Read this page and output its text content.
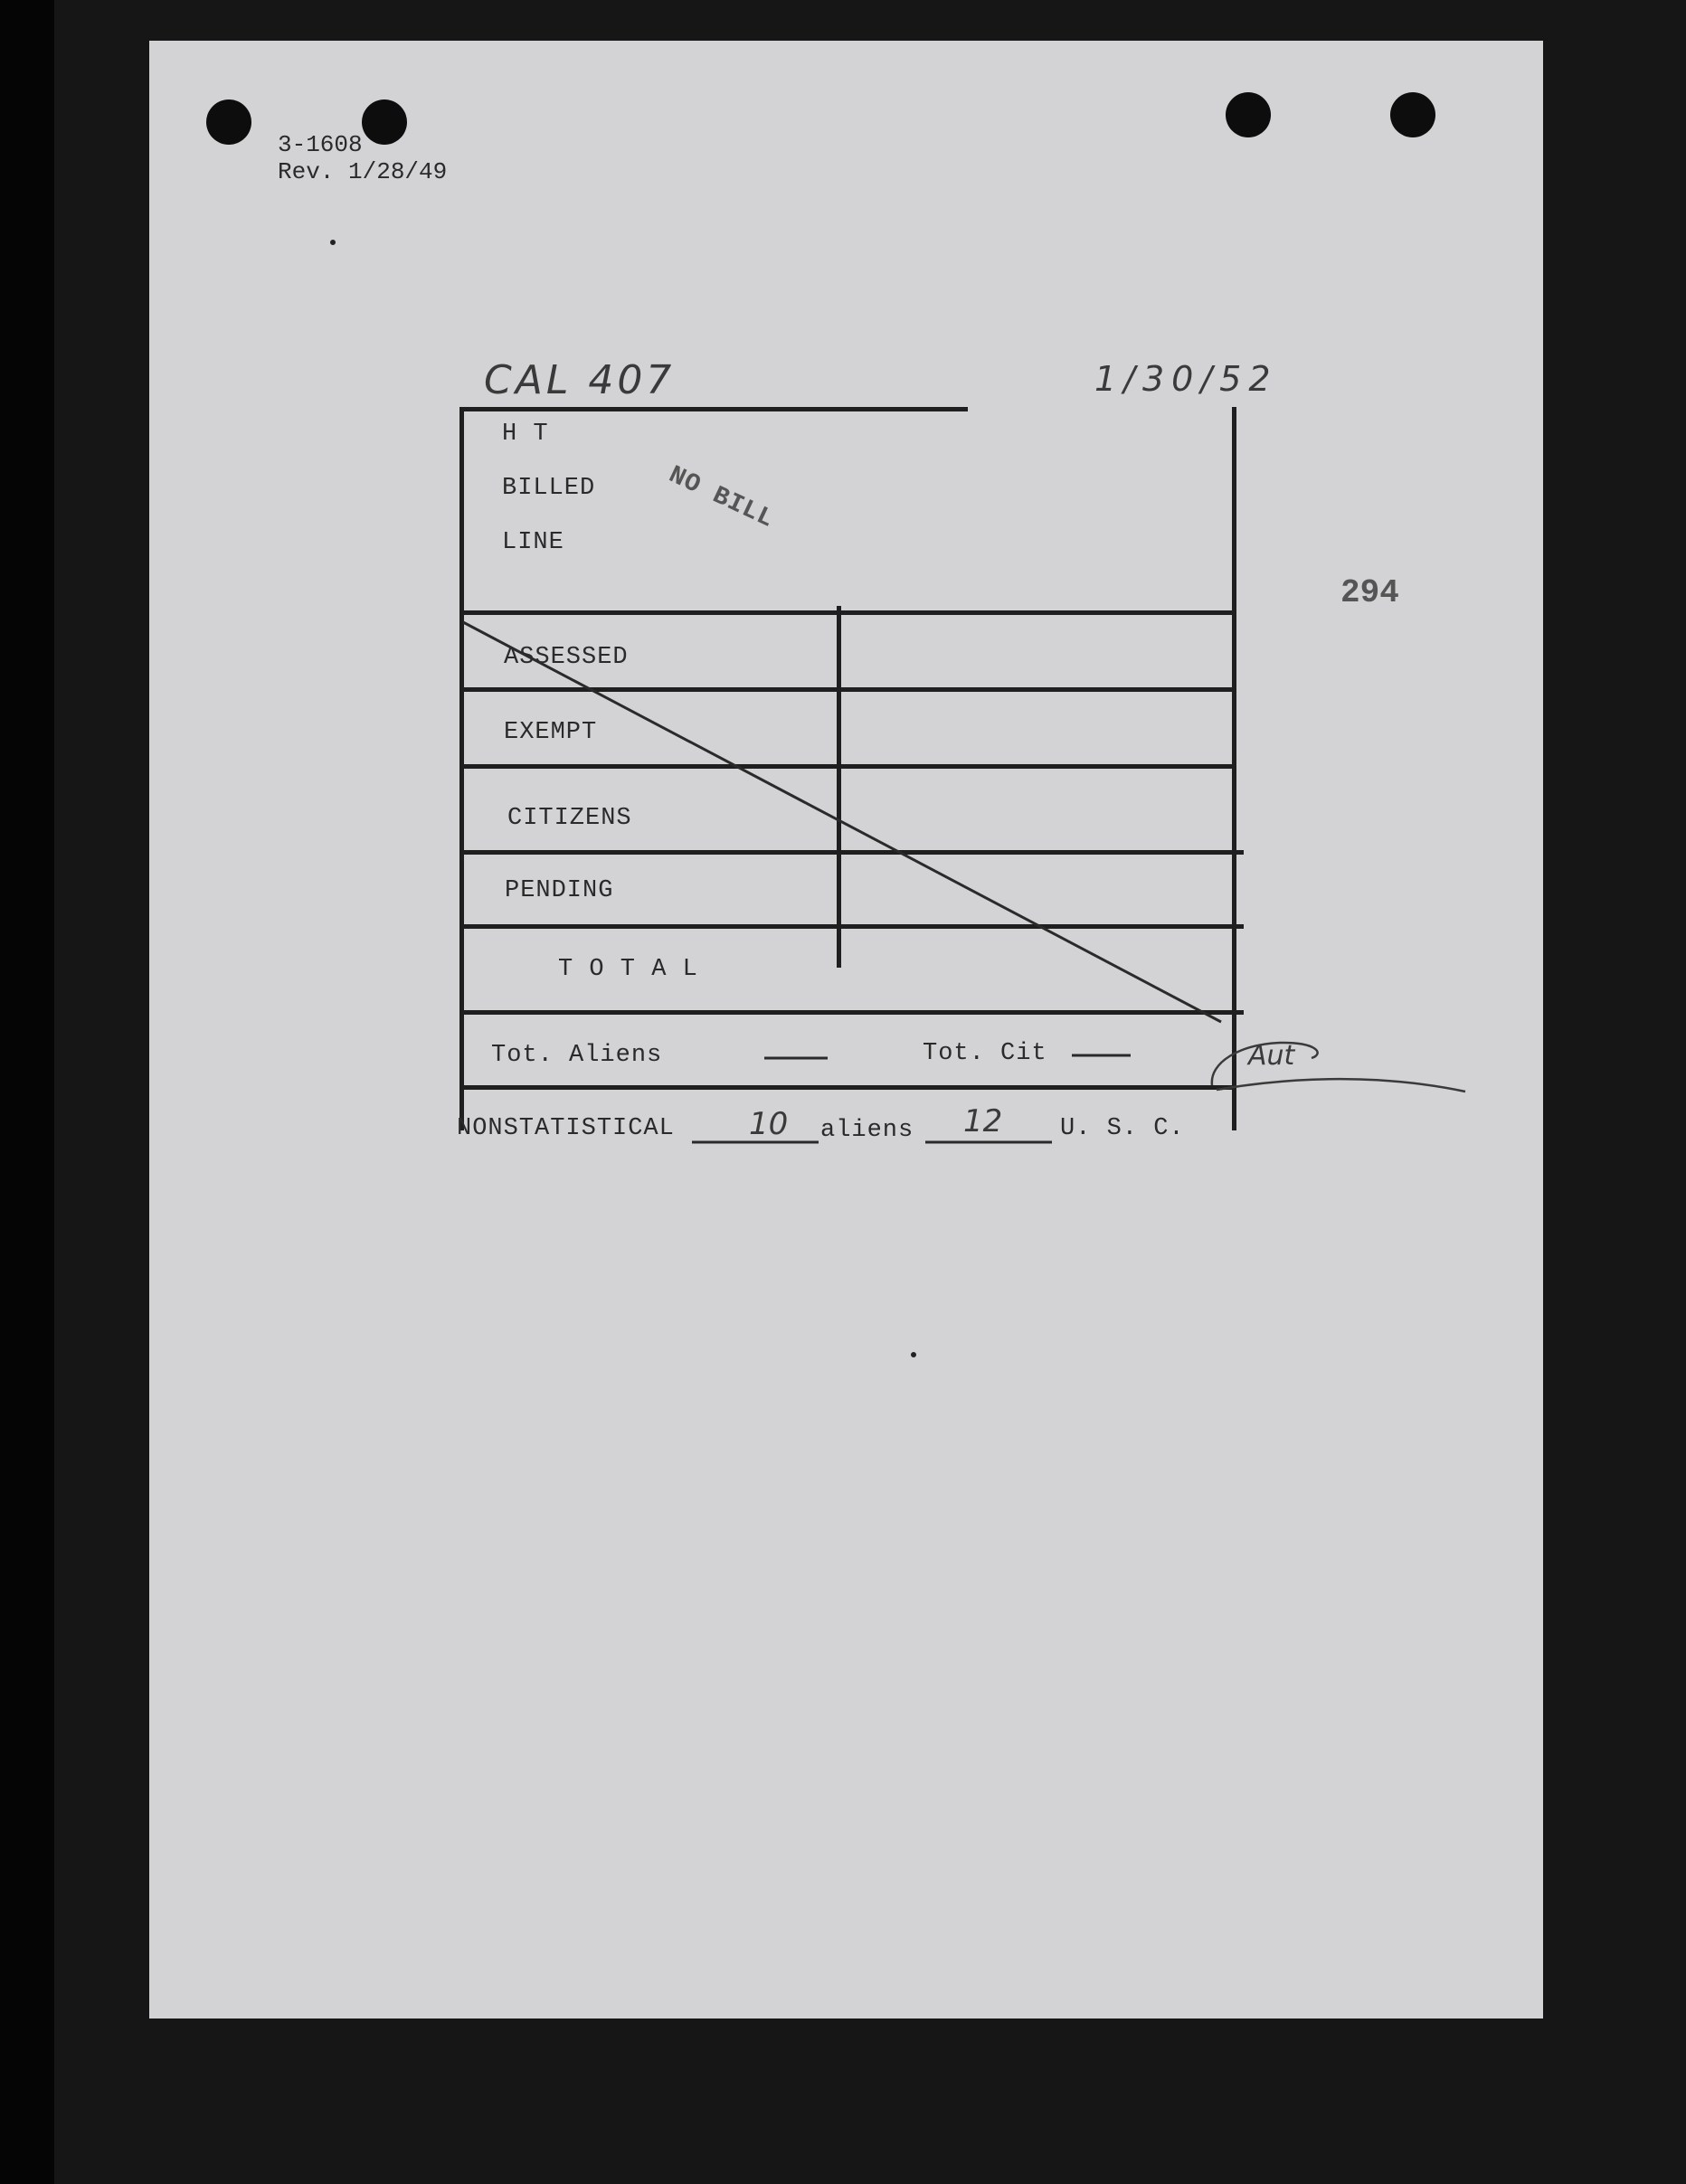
3-1608
Rev. 1/28/49
CAL 407	1/30/52
294
H T
BILLED
LINE
NO BILL
ASSESSED
EXEMPT
CITIZENS
PENDING
T O T A L
Tot. Aliens	Tot. Cit	Aut
NONSTATISTICAL 10 aliens 12 U. S. C.
